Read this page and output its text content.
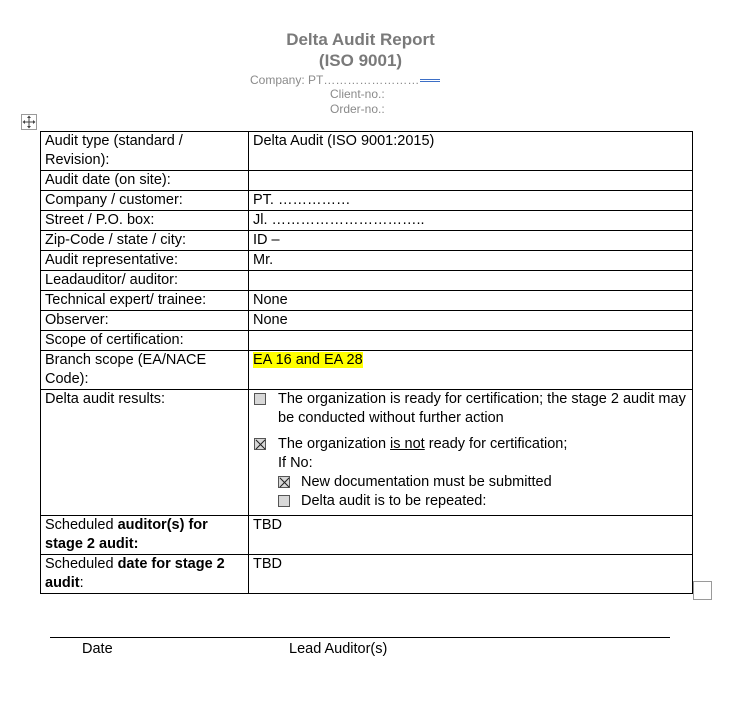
Delta Audit Report
(ISO 9001)
Company: PT……………………
Client-no.:
Order-no.:
Audit type (standard / Revision):	Delta Audit (ISO 9001:2015)
Audit date (on site):	
Company / customer:	PT. ……………
Street / P.O. box:	Jl. …………………………..
Zip-Code / state / city:	ID –
Audit representative:	Mr.
Leadauditor/ auditor:	
Technical expert/ trainee:	None
Observer:	None
Scope of certification:	
Branch scope (EA/NACE Code):	EA 16 and EA 28
Delta audit results:	The organization is ready for certification; the stage 2 audit may be conducted without further action
The organization is not ready for certification;
If No:
New documentation must be submitted
Delta audit is to be repeated:

Scheduled auditor(s) for stage 2 audit:	TBD
Scheduled date for stage 2 audit:	TBD
Date	Lead Auditor(s)
